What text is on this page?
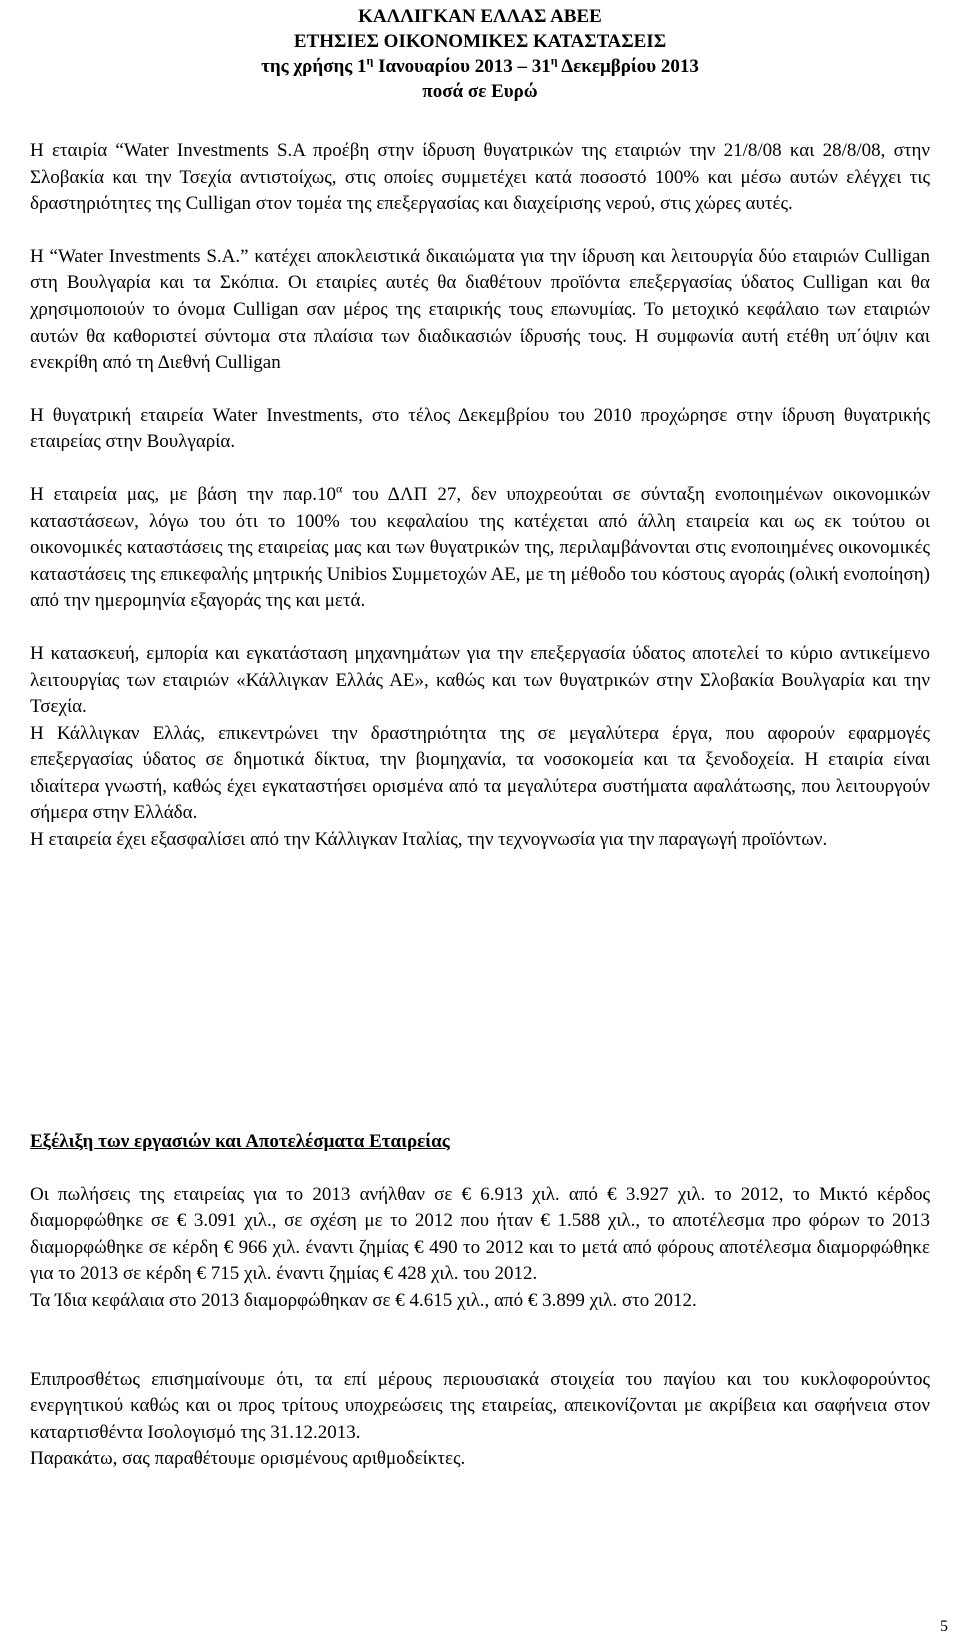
ΚΑΛΛΙΓΚΑΝ ΕΛΛΑΣ ΑΒΕΕ
ΕΤΗΣΙΕΣ ΟΙΚΟΝΟΜΙΚΕΣ ΚΑΤΑΣΤΑΣΕΙΣ
της χρήσης $1^\eta$ Ιανουαρίου $2013 - 31^\eta$ Δεκεμβρίου 2013
ποσά σε Ευρώ

Η εταιρία “Water Investments S.A προέβη στην ίδρυση θυγατρικών της εταιριών την 21/8/08 και 28/8/08, στην Σλοβακία και την Τσεχία αντιστοίχως, στις οποίες συμμετέχει κατά ποσοστό 100% και μέσω αυτών ελέγχει τις δραστηριότητες της Culligan στον τομέα της επεξεργασίας και διαχείρισης νερού, στις χώρες αυτές.

Η “Water Investments S.A.” κατέχει αποκλειστικά δικαιώματα για την ίδρυση και λειτουργία δύο εταιριών Culligan στη Βουλγαρία και τα Σκόπια. Οι εταιρίες αυτές θα διαθέτουν προϊόντα επεξεργασίας ύδατος Culligan και θα χρησιμοποιούν το όνομα Culligan σαν μέρος της εταιρικής τους επωνυμίας. Το μετοχικό κεφάλαιο των εταιριών αυτών θα καθοριστεί σύντομα στα πλαίσια των διαδικασιών ίδρυσής τους. Η συμφωνία αυτή ετέθη υπ΄όψιν και ενεκρίθη από τη Διεθνή Culligan

Η θυγατρική εταιρεία Water Investments, στο τέλος Δεκεμβρίου του 2010 προχώρησε στην ίδρυση θυγατρικής εταιρείας στην Βουλγαρία.

Η εταιρεία μας, με βάση την $\pi\alpha\rho.10^\alpha$ του ΔΛΠ 27, δεν υποχρεούται σε σύνταξη ενοποιημένων οικονομικών καταστάσεων, λόγω του ότι το 100% του κεφαλαίου της κατέχεται από άλλη εταιρεία και ως εκ τούτου οι οικονομικές καταστάσεις της εταιρείας μας και των θυγατρικών της, περιλαμβάνονται στις ενοποιημένες οικονομικές καταστάσεις της επικεφαλής μητρικής Unibios Συμμετοχών ΑΕ, με τη μέθοδο του κόστους αγοράς (ολική ενοποίηση) από την ημερομηνία εξαγοράς της και μετά.

Η κατασκευή, εμπορία και εγκατάσταση μηχανημάτων για την επεξεργασία ύδατος αποτελεί το κύριο αντικείμενο λειτουργίας των εταιριών «Κάλλιγκαν Ελλάς ΑΕ», καθώς και των θυγατρικών στην Σλοβακία Βουλγαρία και την Τσεχία.

Η Κάλλιγκαν Ελλάς, επικεντρώνει την δραστηριότητα της σε μεγαλύτερα έργα, που αφορούν εφαρμογές επεξεργασίας ύδατος σε δημοτικά δίκτυα, την βιομηχανία, τα νοσοκομεία και τα ξενοδοχεία. Η εταιρία είναι ιδιαίτερα γνωστή, καθώς έχει εγκαταστήσει ορισμένα από τα μεγαλύτερα συστήματα αφαλάτωσης, που λειτουργούν σήμερα στην Ελλάδα.

Η εταιρεία έχει εξασφαλίσει από την Κάλλιγκαν Ιταλίας, την τεχνογνωσία για την παραγωγή προϊόντων.

Εξέλιξη των εργασιών και Αποτελέσματα Εταιρείας

Οι πωλήσεις της εταιρείας για το 2013 ανήλθαν σε € 6.913 χιλ. από € 3.927 χιλ. το 2012, το Μικτό κέρδος διαμορφώθηκε σε € 3.091 χιλ., σε σχέση με το 2012 που ήταν € 1.588 χιλ., το αποτέλεσμα προ φόρων το 2013 διαμορφώθηκε σε κέρδη € 966 χιλ. έναντι ζημίας € 490 το 2012 και το μετά από φόρους αποτέλεσμα διαμορφώθηκε για το 2013 σε κέρδη € 715 χιλ. έναντι ζημίας € 428 χιλ. του 2012.

Τα Ίδια κεφάλαια στο 2013 διαμορφώθηκαν σε € 4.615 χιλ., από € 3.899 χιλ. στο 2012.

Επιπροσθέτως επισημαίνουμε ότι, τα επί μέρους περιουσιακά στοιχεία του παγίου και του κυκλοφορούντος ενεργητικού καθώς και οι προς τρίτους υποχρεώσεις της εταιρείας, απεικονίζονται με ακρίβεια και σαφήνεια στον καταρτισθέντα Ισολογισμό της 31.12.2013.

Παρακάτω, σας παραθέτουμε ορισμένους αριθμοδείκτες.

5
